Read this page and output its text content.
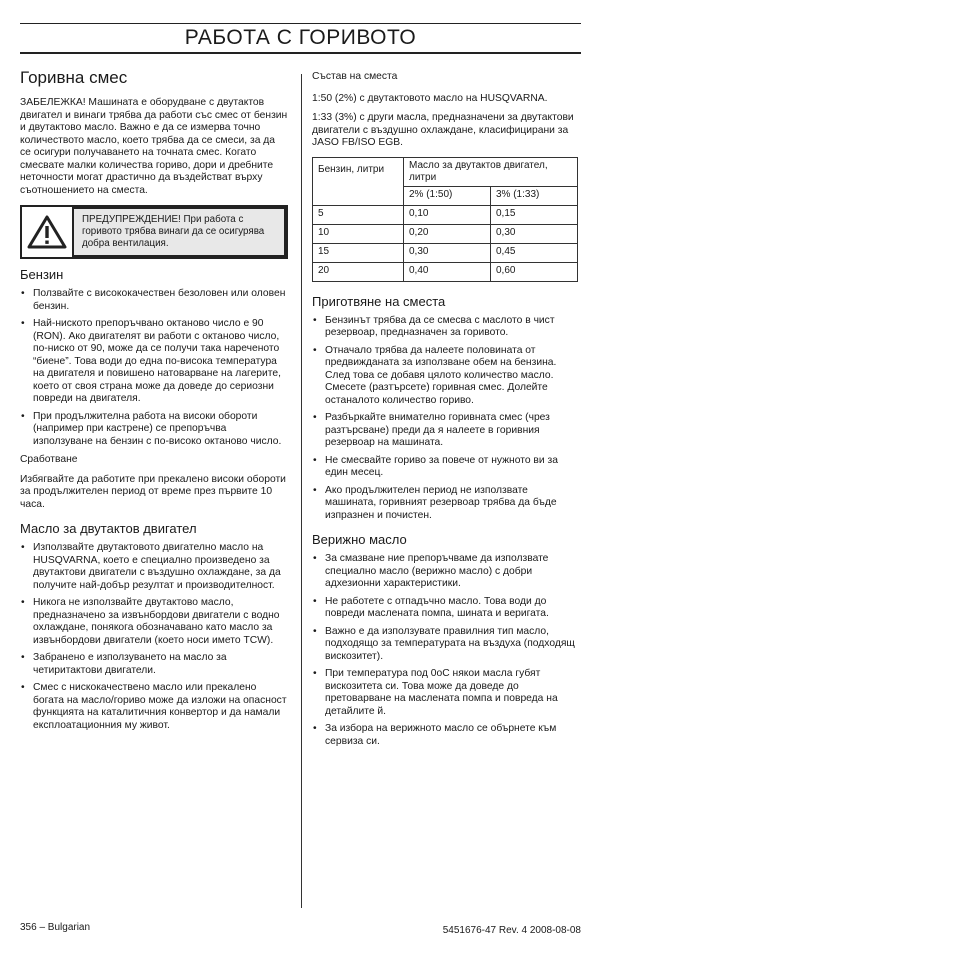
РАБОТА С ГОРИВОТО
Горивна смес

ЗАБЕЛЕЖКА! Машината е оборудване с двутактов двигател и винаги трябва да работи със смес от бензин и двутактово масло. Важно е да се измерва точно количеството масло, което трябва да се смеси, за да се осигури получаването на точната смес. Когато смесвате малки количества гориво, дори и дребните неточности могат драстично да въздействат върху съотношението на сместа.

ПРЕДУПРЕЖДЕНИЕ! При работа с горивото трябва винаги да се осигурява добра вентилация.
Бензин
• Ползвайте с висококачествен безоловен или оловен бензин.
• Най-ниското препоръчвано октаново число е 90 (RON). Ако двигателят ви работи с октаново число, по-ниско от 90, може да се получи така нареченото “биене”. Това води до една по-висока температура на двигателя и повишено натоварване на лагерите, което от своя страна може да доведе до сериозни повреди на двигателя.
• При продължителна работа на високи обороти (например при кастрене) се препоръчва използуване на бензин с по-високо октаново число.

Сработване

Избягвайте да работите при прекалено високи обороти за продължителен период от време през първите 10 часа.

Масло за двутактов двигател
• Използвайте двутактовото двигателно масло на HUSQVARNA, което е специално произведено за двутактови двигатели с въздушно охлаждане, за да получите най-добър резултат и производителност.
• Никога не използвайте двутактово масло, предназначено за извънбордови двигатели с водно охлаждане, понякога обозначавано като масло за извънбордови двигатели (което носи името TCW).
• Забранено е използуването на масло за четиритактови двигатели.
• Смес с нискокачествено масло или прекалено богата на масло/гориво може да изложи на опасност функцията на каталитичния конвертор и да намали експлоатационния му живот.

Състав на сместа

1:50 (2%) с двутактовото масло на HUSQVARNA.

1:33 (3%) с други масла, предназначени за двутактови двигатели с въздушно охлаждане, класифицирани за JASO FB/ISO EGB.

Бензин, литри	Масло за двутактов двигател, литри	
	2% (1:50)	3% (1:33)
5	0,10	0,15
10	0,20	0,30
15	0,30	0,45
20	0,40	0,60
Приготвяне на сместа
• Бензинът трябва да се смесва с маслото в чист резервоар, предназначен за горивото.
• Отначало трябва да налеете половината от предвижданата за използване обем на бензина. След това се добавя цялото количество масло. Смесете (разтърсете) горивная смес. Долейте останалото количество гориво.
• Разбъркайте внимателно горивната смес (чрез разтърсване) преди да я налеете в горивния резервоар на машината.
• Не смесвайте гориво за повече от нужното ви за един месец.
• Ако продължителен период не използвате машината, горивният резервоар трябва да бъде изпразнен и почистен.
Верижно масло
• За смазване ние препоръчваме да използвате специално масло (верижно масло) с добри адхезионни характеристики.
• Не работете с отпадъчно масло. Това води до повреди маслената помпа, шината и веригата.
• Важно е да използувате правилния тип масло, подходящо за температурата на въздуха (подходящ вискозитет).
• При температура под 0оС някои масла губят вискозитета си. Това може да доведе до претоварване на маслената помпа и повреда на детайлите й.
• За избора на верижното масло се обърнете към сервиза си.
356 – Bulgarian	5451676-47 Rev. 4 2008-08-08
